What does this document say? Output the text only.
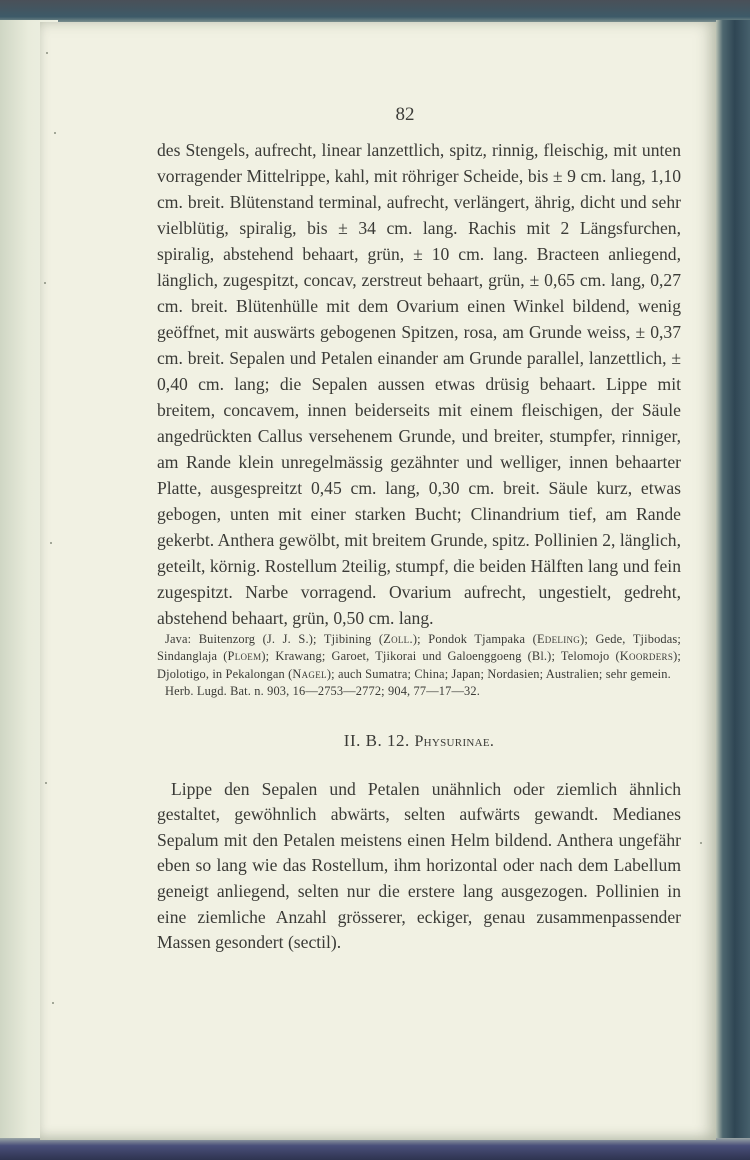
82

des Stengels, aufrecht, linear lanzettlich, spitz, rinnig, fleischig, mit unten vorragender Mittelrippe, kahl, mit röhriger Scheide, bis ± 9 cm. lang, 1,10 cm. breit. Blütenstand terminal, aufrecht, verlängert, ährig, dicht und sehr vielblütig, spiralig, bis ± 34 cm. lang. Rachis mit 2 Längsfurchen, spiralig, abstehend behaart, grün, ± 10 cm. lang. Bracteen anliegend, länglich, zugespitzt, concav, zerstreut behaart, grün, ± 0,65 cm. lang, 0,27 cm. breit. Blütenhülle mit dem Ovarium einen Winkel bildend, wenig geöffnet, mit auswärts gebogenen Spitzen, rosa, am Grunde weiss, ± 0,37 cm. breit. Sepalen und Petalen einander am Grunde parallel, lanzettlich, ± 0,40 cm. lang; die Sepalen aussen etwas drüsig behaart. Lippe mit breitem, concavem, innen beiderseits mit einem fleischigen, der Säule angedrückten Callus versehenem Grunde, und breiter, stumpfer, rinniger, am Rande klein unregelmässig gezähnter und welliger, innen behaarter Platte, ausgespreitzt 0,45 cm. lang, 0,30 cm. breit. Säule kurz, etwas gebogen, unten mit einer starken Bucht; Clinandrium tief, am Rande gekerbt. Anthera gewölbt, mit breitem Grunde, spitz. Pollinien 2, länglich, geteilt, körnig. Rostellum 2teilig, stumpf, die beiden Hälften lang und fein zugespitzt. Narbe vorragend. Ovarium aufrecht, ungestielt, gedreht, abstehend behaart, grün, 0,50 cm. lang.

Java: Buitenzorg (J. J. S.); Tjibining (Zoll.); Pondok Tjampaka (Edeling); Gede, Tjibodas; Sindanglaja (Ploem); Krawang; Garoet, Tjikorai und Galoenggoeng (Bl.); Telomojo (Koorders); Djolotigo, in Pekalongan (Nagel); auch Sumatra; China; Japan; Nordasien; Australien; sehr gemein.

Herb. Lugd. Bat. n. 903, 16—2753—2772; 904, 77—17—32.

II. B. 12. Physurinae.

Lippe den Sepalen und Petalen unähnlich oder ziemlich ähnlich gestaltet, gewöhnlich abwärts, selten aufwärts gewandt. Medianes Sepalum mit den Petalen meistens einen Helm bildend. Anthera ungefähr eben so lang wie das Rostellum, ihm horizontal oder nach dem Labellum geneigt anliegend, selten nur die erstere lang ausgezogen. Pollinien in eine ziemliche Anzahl grösserer, eckiger, genau zusammenpassender Massen gesondert (sectil).
